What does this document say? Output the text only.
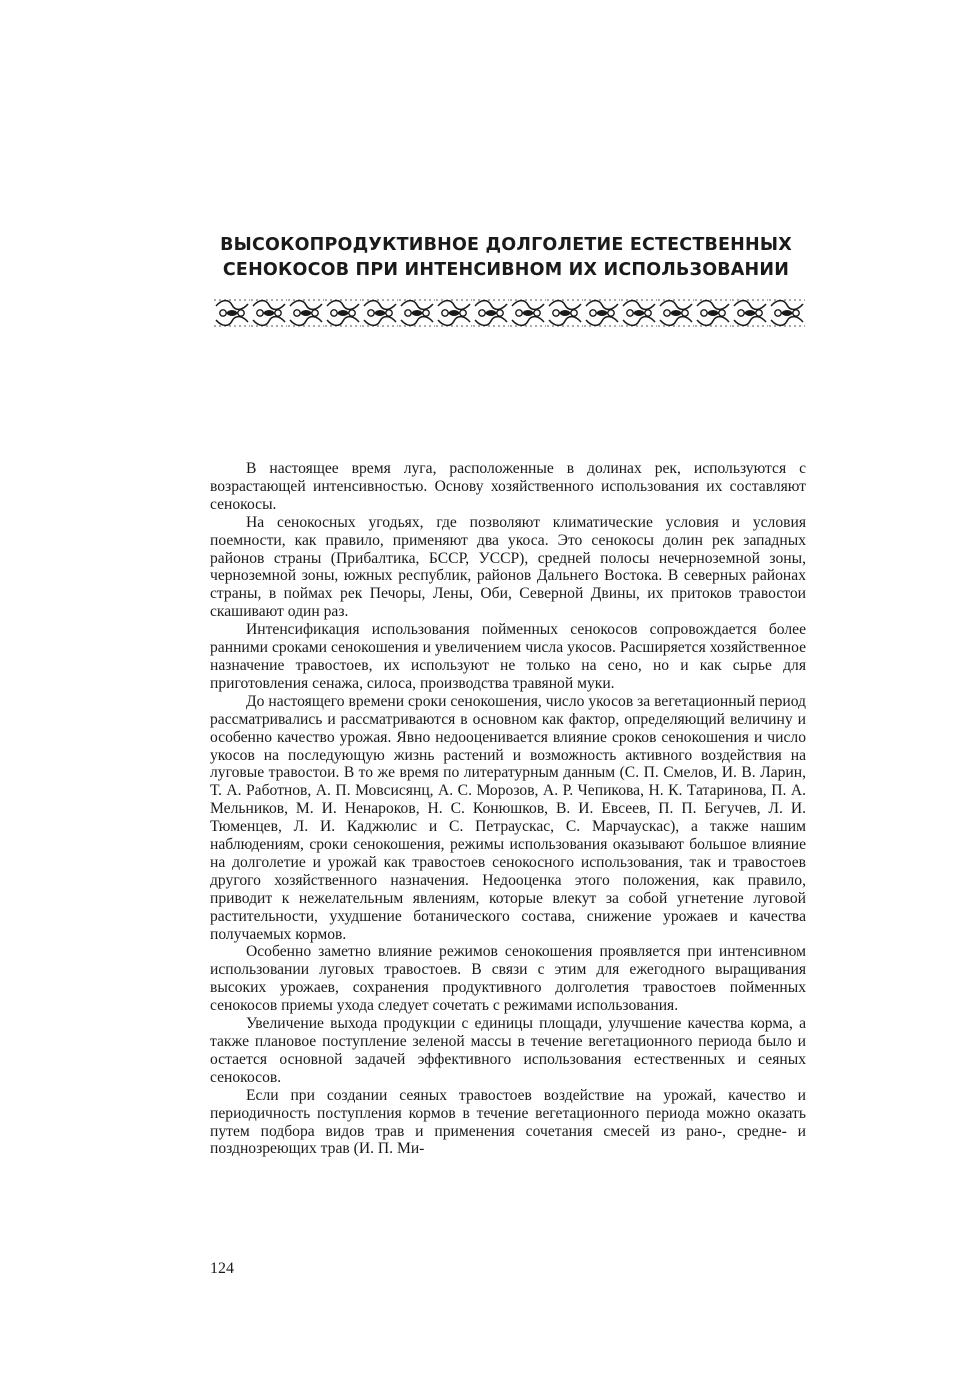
ВЫСОКОПРОДУКТИВНОЕ ДОЛГОЛЕТИЕ ЕСТЕСТВЕННЫХ
СЕНОКОСОВ ПРИ ИНТЕНСИВНОМ ИХ ИСПОЛЬЗОВАНИИ

В настоящее время луга, расположенные в долинах рек, используются с возрастающей интенсивностью. Основу хозяйственного использования их составляют сенокосы.

На сенокосных угодьях, где позволяют климатические условия и условия поемности, как правило, применяют два укоса. Это сенокосы долин рек западных районов страны (Прибалтика, БССР, УССР), средней полосы нечерноземной зоны, черноземной зоны, южных республик, районов Дальнего Востока. В северных районах страны, в поймах рек Печоры, Лены, Оби, Северной Двины, их притоков травостои скашивают один раз.

Интенсификация использования пойменных сенокосов сопровождается более ранними сроками сенокошения и увеличением числа укосов. Расширяется хозяйственное назначение травостоев, их используют не только на сено, но и как сырье для приготовления сенажа, силоса, производства травяной муки.

До настоящего времени сроки сенокошения, число укосов за вегетационный период рассматривались и рассматриваются в основном как фактор, определяющий величину и особенно качество урожая. Явно недооценивается влияние сроков сенокошения и число укосов на последующую жизнь растений и возможность активного воздействия на луговые травостои. В то же время по литературным данным (С. П. Смелов, И. В. Ларин, Т. А. Работнов, А. П. Мовсисянц, А. С. Морозов, А. Р. Чепикова, Н. К. Татаринова, П. А. Мельников, М. И. Ненароков, Н. С. Конюшков, В. И. Евсеев, П. П. Бегучев, Л. И. Тюменцев, Л. И. Каджюлис и С. Петраускас, С. Марчаускас), а также нашим наблюдениям, сроки сенокошения, режимы использования оказывают большое влияние на долголетие и урожай как травостоев сенокосного использования, так и травостоев другого хозяйственного назначения. Недооценка этого положения, как правило, приводит к нежелательным явлениям, которые влекут за собой угнетение луговой растительности, ухудшение ботанического состава, снижение урожаев и качества получаемых кормов.

Особенно заметно влияние режимов сенокошения проявляется при интенсивном использовании луговых травостоев. В связи с этим для ежегодного выращивания высоких урожаев, сохранения продуктивного долголетия травостоев пойменных сенокосов приемы ухода следует сочетать с режимами использования.

Увеличение выхода продукции с единицы площади, улучшение качества корма, а также плановое поступление зеленой массы в течение вегетационного периода было и остается основной задачей эффективного использования естественных и сеяных сенокосов.

Если при создании сеяных травостоев воздействие на урожай, качество и периодичность поступления кормов в течение вегетационного периода можно оказать путем подбора видов трав и применения сочетания смесей из рано-, средне- и позднозреющих трав (И. П. Ми-

124
